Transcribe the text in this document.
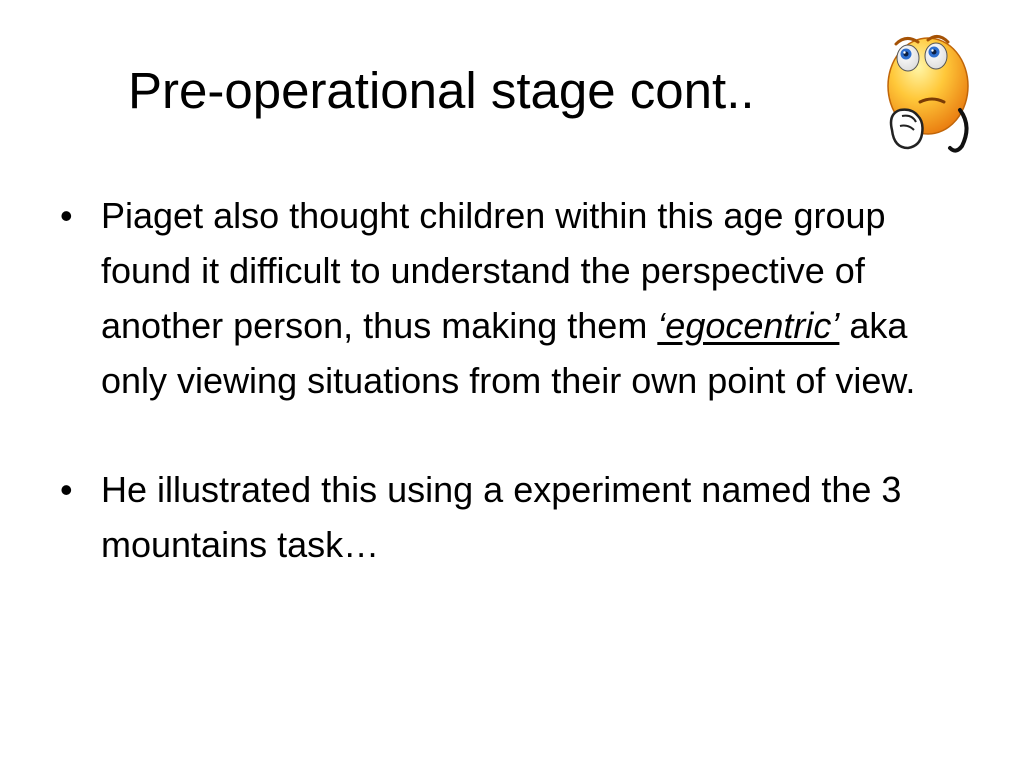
Pre-operational stage cont..
• Piaget also thought children within this age group found it difficult to understand the perspective of another person, thus making them ‘egocentric’ aka only viewing situations from their own point of view.
• He illustrated this using a experiment named the 3 mountains task…
